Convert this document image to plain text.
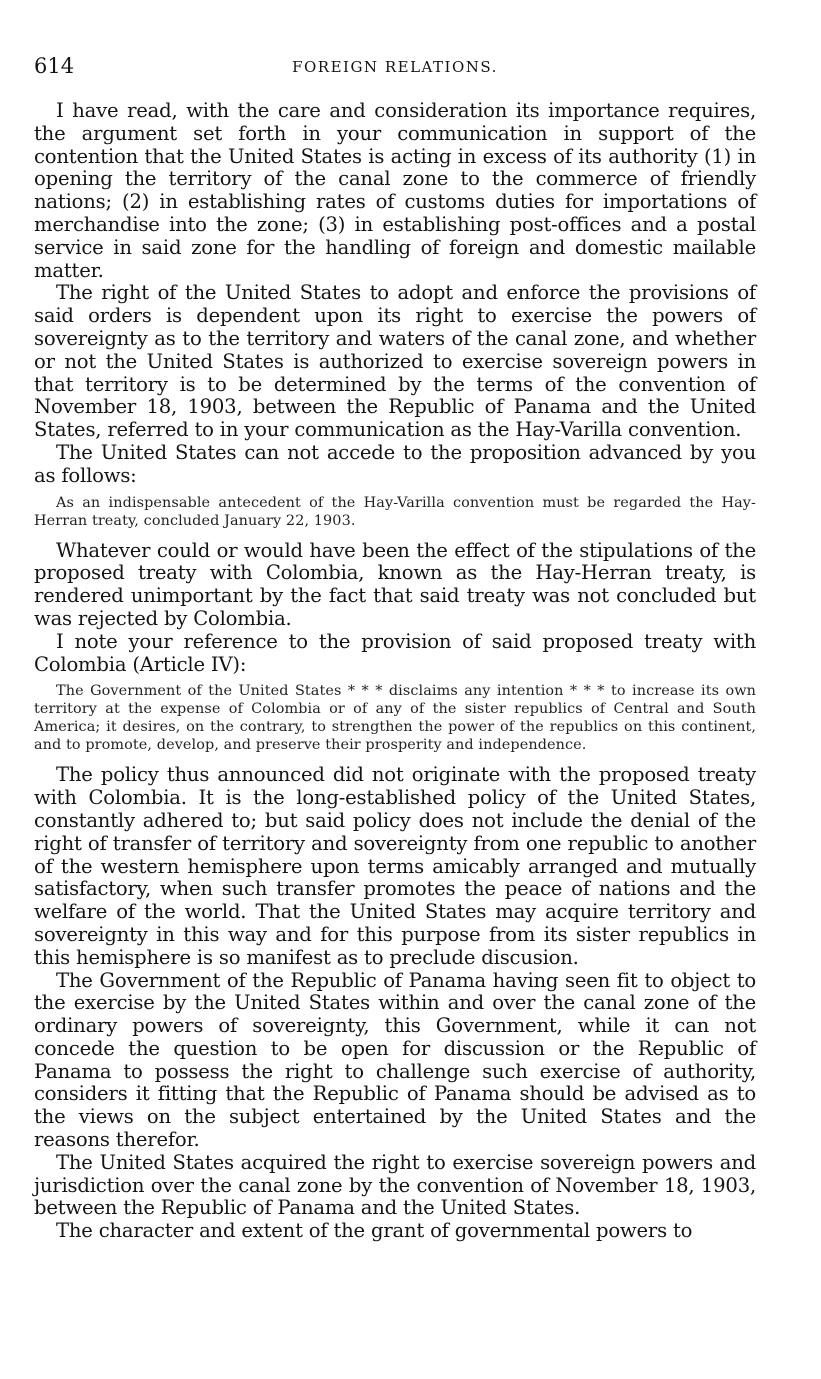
614	FOREIGN RELATIONS.

I have read, with the care and consideration its importance requires, the argument set forth in your communication in support of the contention that the United States is acting in excess of its authority (1) in opening the territory of the canal zone to the commerce of friendly nations; (2) in establishing rates of customs duties for importations of merchandise into the zone; (3) in establishing post-offices and a postal service in said zone for the handling of foreign and domestic mailable matter.

The right of the United States to adopt and enforce the provisions of said orders is dependent upon its right to exercise the powers of sovereignty as to the territory and waters of the canal zone, and whether or not the United States is authorized to exercise sovereign powers in that territory is to be determined by the terms of the convention of November 18, 1903, between the Republic of Panama and the United States, referred to in your communication as the Hay-Varilla convention.

The United States can not accede to the proposition advanced by you as follows:

As an indispensable antecedent of the Hay-Varilla convention must be regarded the Hay-Herran treaty, concluded January 22, 1903.

Whatever could or would have been the effect of the stipulations of the proposed treaty with Colombia, known as the Hay-Herran treaty, is rendered unimportant by the fact that said treaty was not concluded but was rejected by Colombia.

I note your reference to the provision of said proposed treaty with Colombia (Article IV):

The Government of the United States * * * disclaims any intention * * * to increase its own territory at the expense of Colombia or of any of the sister republics of Central and South America; it desires, on the contrary, to strengthen the power of the republics on this continent, and to promote, develop, and preserve their prosperity and independence.

The policy thus announced did not originate with the proposed treaty with Colombia. It is the long-established policy of the United States, constantly adhered to; but said policy does not include the denial of the right of transfer of territory and sovereignty from one republic to another of the western hemisphere upon terms amicably arranged and mutually satisfactory, when such transfer promotes the peace of nations and the welfare of the world. That the United States may acquire territory and sovereignty in this way and for this purpose from its sister republics in this hemisphere is so manifest as to preclude discusion.

The Government of the Republic of Panama having seen fit to object to the exercise by the United States within and over the canal zone of the ordinary powers of sovereignty, this Government, while it can not concede the question to be open for discussion or the Republic of Panama to possess the right to challenge such exercise of authority, considers it fitting that the Republic of Panama should be advised as to the views on the subject entertained by the United States and the reasons therefor.

The United States acquired the right to exercise sovereign powers and jurisdiction over the canal zone by the convention of November 18, 1903, between the Republic of Panama and the United States.

The character and extent of the grant of governmental powers to
